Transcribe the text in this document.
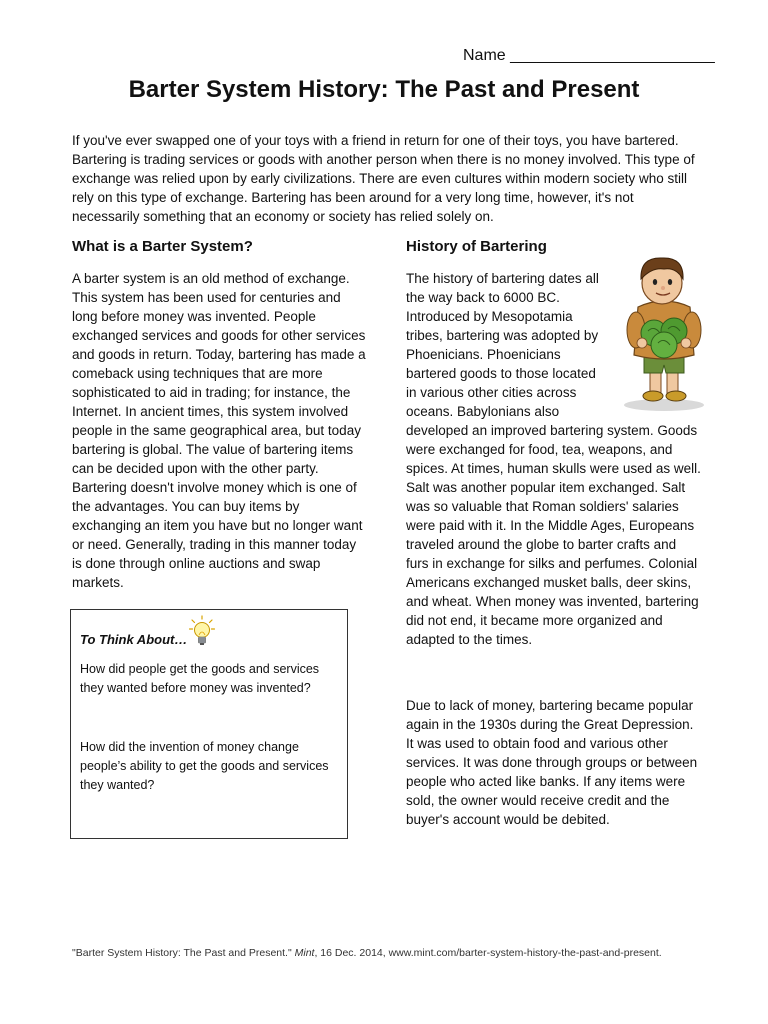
Name _______________________
Barter System History: The Past and Present

If you've ever swapped one of your toys with a friend in return for one of their toys, you have bartered. Bartering is trading services or goods with another person when there is no money involved. This type of exchange was relied upon by early civilizations. There are even cultures within modern society who still rely on this type of exchange. Bartering has been around for a very long time, however, it's not necessarily something that an economy or society has relied solely on.

What is a Barter System?

A barter system is an old method of exchange. This system has been used for centuries and long before money was invented. People exchanged services and goods for other services and goods in return. Today, bartering has made a comeback using techniques that are more sophisticated to aid in trading; for instance, the Internet. In ancient times, this system involved people in the same geographical area, but today bartering is global. The value of bartering items can be decided upon with the other party. Bartering doesn't involve money which is one of the advantages. You can buy items by exchanging an item you have but no longer want or need. Generally, trading in this manner today is done through online auctions and swap markets.

To Think About…

How did people get the goods and services they wanted before money was invented?

How did the invention of money change people’s ability to get the goods and services they wanted?

History of Bartering
The history of bartering dates all the way back to 6000 BC. Introduced by Mesopotamia tribes, bartering was adopted by Phoenicians. Phoenicians bartered goods to those located in various other cities across oceans. Babylonians also developed an improved bartering system. Goods were exchanged for food, tea, weapons, and spices. At times, human skulls were used as well. Salt was another popular item exchanged. Salt was so valuable that Roman soldiers' salaries were paid with it. In the Middle Ages, Europeans traveled around the globe to barter crafts and furs in exchange for silks and perfumes. Colonial Americans exchanged musket balls, deer skins, and wheat. When money was invented, bartering did not end, it became more organized and adapted to the times.

Due to lack of money, bartering became popular again in the 1930s during the Great Depression. It was used to obtain food and various other services. It was done through groups or between people who acted like banks. If any items were sold, the owner would receive credit and the buyer's account would be debited.

"Barter System History: The Past and Present." Mint, 16 Dec. 2014, www.mint.com/barter-system-history-the-past-and-present.
